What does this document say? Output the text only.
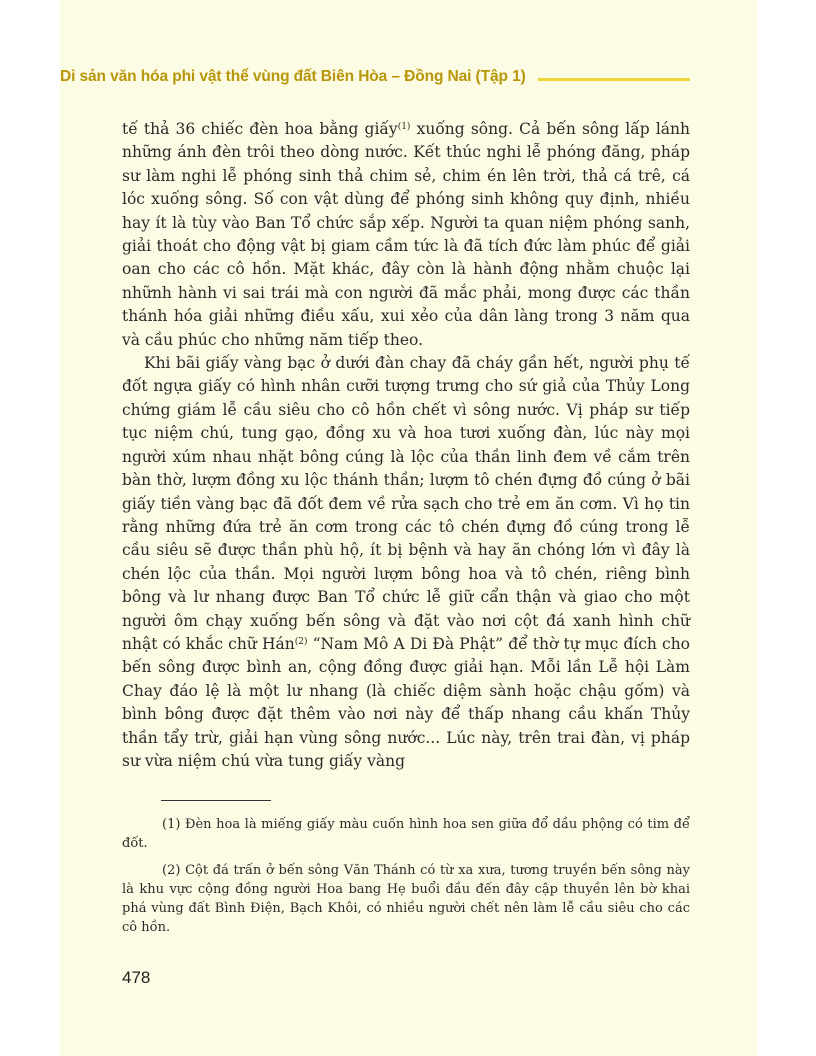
Di sản văn hóa phi vật thể vùng đất Biên Hòa – Đồng Nai (Tập 1)

tế thả 36 chiếc đèn hoa bằng giấy$^{(1)}$ xuống sông. Cả bến sông lấp lánh những ánh đèn trôi theo dòng nước. Kết thúc nghi lễ phóng đăng, pháp sư làm nghi lễ phóng sinh thả chim sẻ, chim én lên trời, thả cá trê, cá lóc xuống sông. Số con vật dùng để phóng sinh không quy định, nhiều hay ít là tùy vào Ban Tổ chức sắp xếp. Người ta quan niệm phóng sanh, giải thoát cho động vật bị giam cầm tức là đã tích đức làm phúc để giải oan cho các cô hồn. Mặt khác, đây còn là hành động nhằm chuộc lại nhữnh hành vi sai trái mà con người đã mắc phải, mong được các thần thánh hóa giải những điều xấu, xui xẻo của dân làng trong 3 năm qua và cầu phúc cho những năm tiếp theo.

Khi bãi giấy vàng bạc ở dưới đàn chay đã cháy gần hết, người phụ tế đốt ngựa giấy có hình nhân cưỡi tượng trưng cho sứ giả của Thủy Long chứng giám lễ cầu siêu cho cô hồn chết vì sông nước. Vị pháp sư tiếp tục niệm chú, tung gạo, đồng xu và hoa tươi xuống đàn, lúc này mọi người xúm nhau nhặt bông cúng là lộc của thần linh đem về cắm trên bàn thờ, lượm đồng xu lộc thánh thần; lượm tô chén đựng đồ cúng ở bãi giấy tiền vàng bạc đã đốt đem về rửa sạch cho trẻ em ăn cơm. Vì họ tin rằng những đứa trẻ ăn cơm trong các tô chén đựng đồ cúng trong lễ cầu siêu sẽ được thần phù hộ, ít bị bệnh và hay ăn chóng lớn vì đây là chén lộc của thần. Mọi người lượm bông hoa và tô chén, riêng bình bông và lư nhang được Ban Tổ chức lễ giữ cẩn thận và giao cho một người ôm chạy xuống bến sông và đặt vào nơi cột đá xanh hình chữ nhật có khắc chữ Hán$^{(2)}$ “Nam Mô A Di Đà Phật” để thờ tự mục đích cho bến sông được bình an, cộng đồng được giải hạn. Mỗi lần Lễ hội Làm Chay đáo lệ là một lư nhang (là chiếc diệm sành hoặc chậu gốm) và bình bông được đặt thêm vào nơi này để thấp nhang cầu khấn Thủy thần tẩy trừ, giải hạn vùng sông nước... Lúc này, trên trai đàn, vị pháp sư vừa niệm chú vừa tung giấy vàng

(1) Đèn hoa là miếng giấy màu cuốn hình hoa sen giữa đổ dầu phộng có tim để đốt.

(2) Cột đá trấn ở bến sông Văn Thánh có từ xa xưa, tương truyền bến sông này là khu vực cộng đồng người Hoa bang Hẹ buổi đầu đến đây cập thuyền lên bờ khai phá vùng đất Bình Điện, Bạch Khôi, có nhiều người chết nên làm lễ cầu siêu cho các cô hồn.

478
